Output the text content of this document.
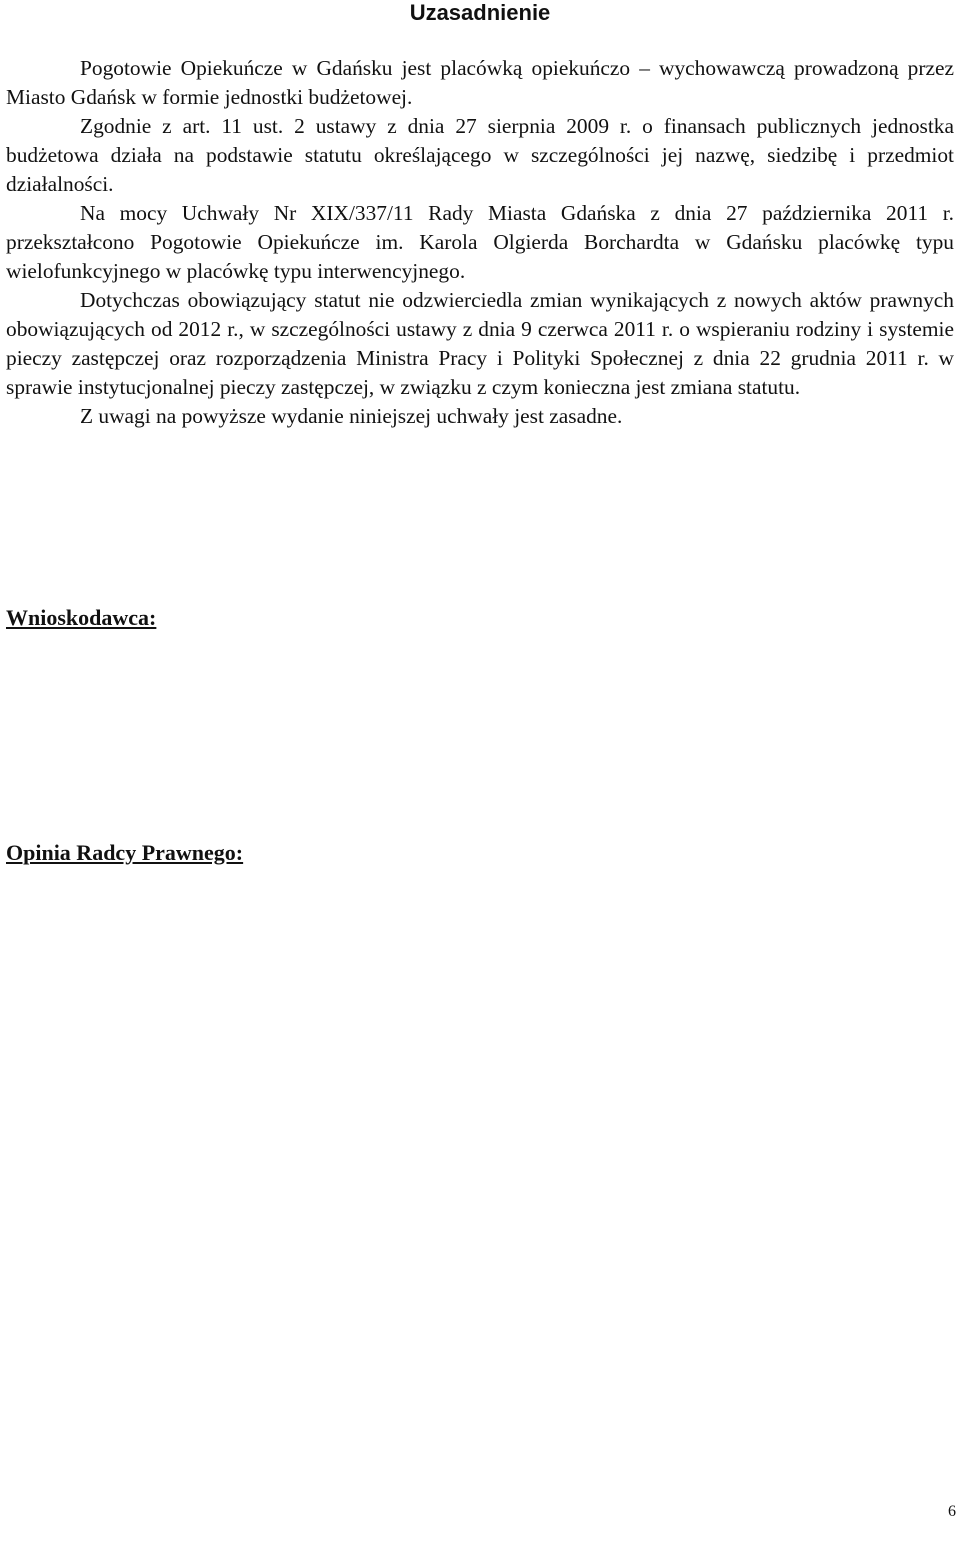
Uzasadnienie

Pogotowie Opiekuńcze w Gdańsku jest placówką opiekuńczo – wychowawczą prowadzoną przez Miasto Gdańsk w formie jednostki budżetowej.

Zgodnie z art. 11 ust. 2 ustawy z dnia 27 sierpnia 2009 r. o finansach publicznych jednostka budżetowa działa na podstawie statutu określającego w szczególności jej nazwę, siedzibę i przedmiot działalności.

Na mocy Uchwały Nr XIX/337/11 Rady Miasta Gdańska z dnia 27 października 2011 r. przekształcono Pogotowie Opiekuńcze im. Karola Olgierda Borchardta w Gdańsku placówkę typu wielofunkcyjnego w placówkę typu interwencyjnego.

Dotychczas obowiązujący statut nie odzwierciedla zmian wynikających z nowych aktów prawnych obowiązujących od 2012 r., w szczególności ustawy z dnia 9 czerwca 2011 r. o wspieraniu rodziny i systemie pieczy zastępczej oraz rozporządzenia Ministra Pracy i Polityki Społecznej z dnia 22 grudnia 2011 r. w sprawie instytucjonalnej pieczy zastępczej, w związku z czym konieczna jest zmiana statutu.

Z uwagi na powyższe wydanie niniejszej uchwały jest zasadne.

Wnioskodawca:

Opinia Radcy Prawnego:

6
